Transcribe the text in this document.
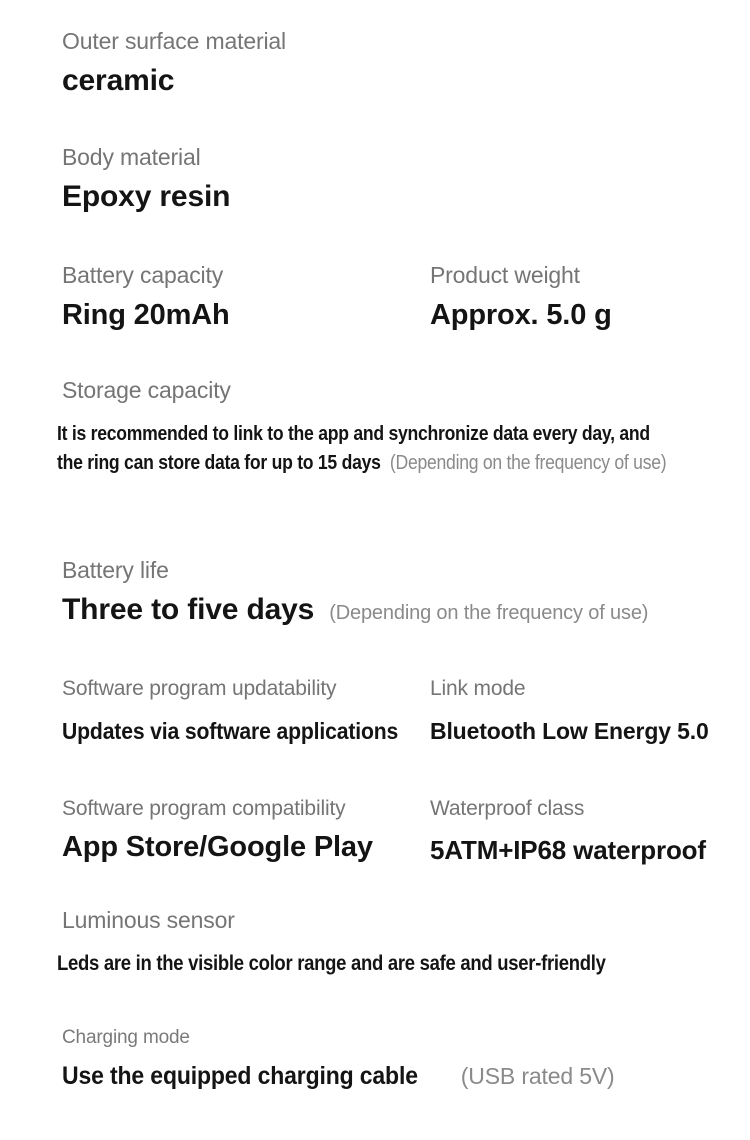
Outer surface material
ceramic
Body material
Epoxy resin
Battery capacity
Ring 20mAh
Product weight
Approx. 5.0 g
Storage capacity
It is recommended to link to the app and synchronize data every day, and
the ring can store data for up to 15 days (Depending on the frequency of use)
Battery life
Three to five days (Depending on the frequency of use)
Software program updatability
Updates via software applications
Link mode
Bluetooth Low Energy 5.0
Software program compatibility
App Store/Google Play
Waterproof class
5ATM+IP68 waterproof
Luminous sensor
Leds are in the visible color range and are safe and user-friendly
Charging mode
Use the equipped charging cable (USB rated 5V)
